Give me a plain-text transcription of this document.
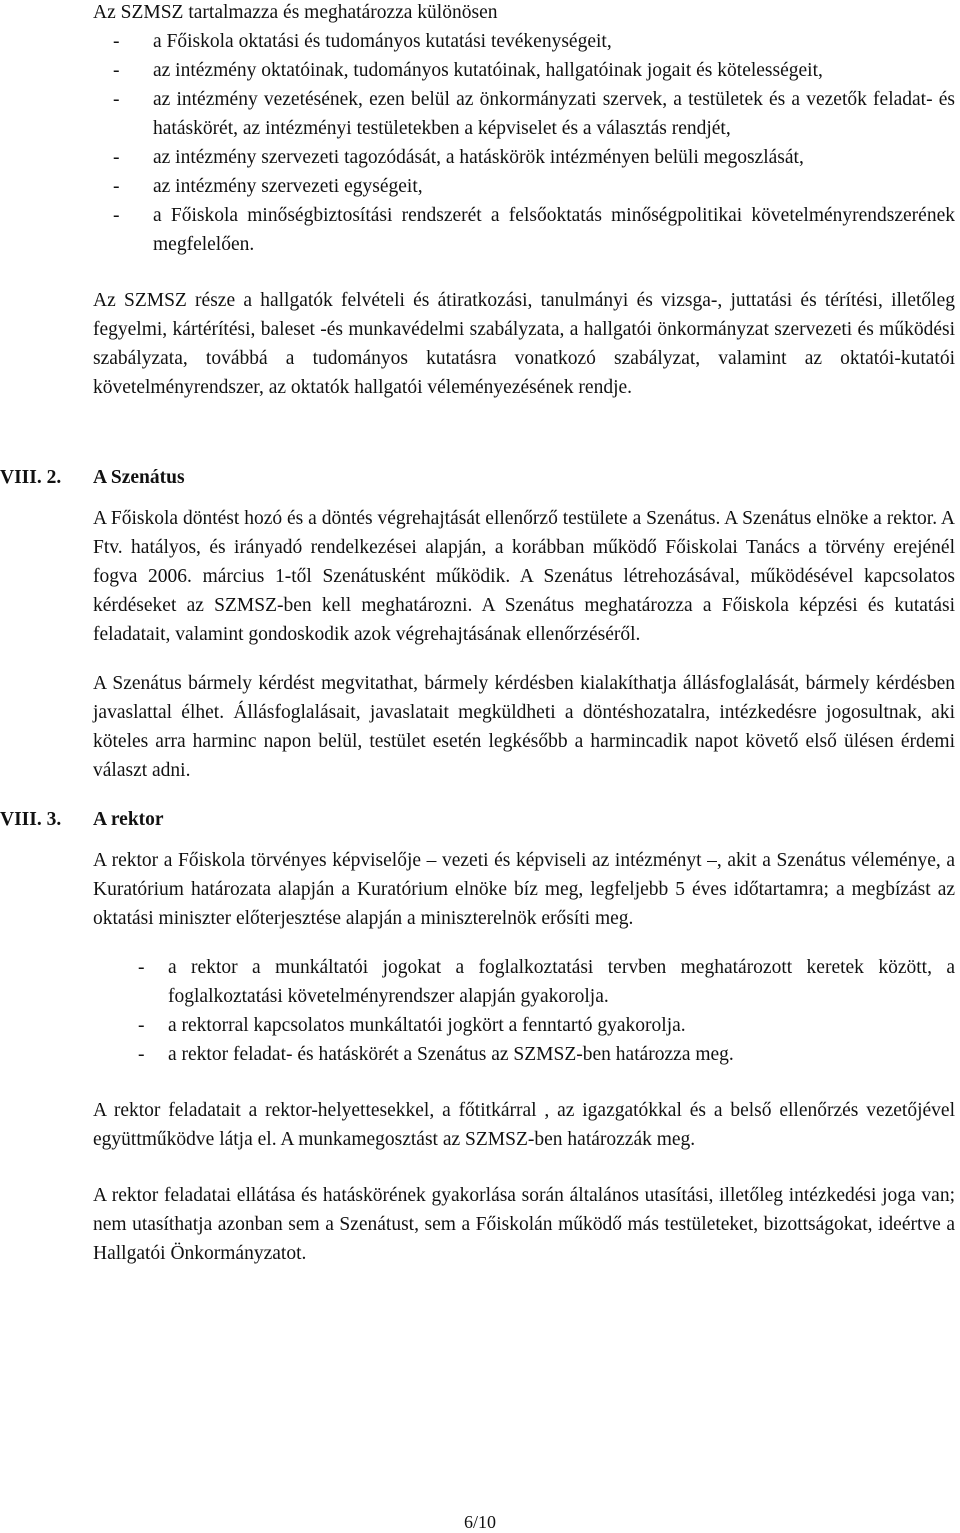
Az SZMSZ tartalmazza és meghatározza különösen

- a Főiskola oktatási és tudományos kutatási tevékenységeit,
- az intézmény oktatóinak, tudományos kutatóinak, hallgatóinak jogait és kötelességeit,
- az intézmény vezetésének, ezen belül az önkormányzati szervek, a testületek és a vezetők feladat- és hatáskörét, az intézményi testületekben a képviselet és a választás rendjét,
- az intézmény szervezeti tagozódását, a hatáskörök intézményen belüli megoszlását,
- az intézmény szervezeti egységeit,
- a Főiskola minőségbiztosítási rendszerét a felsőoktatás minőségpolitikai követelményrendszerének megfelelően.

Az SZMSZ része a hallgatók felvételi és átiratkozási, tanulmányi és vizsga-, juttatási és térítési, illetőleg fegyelmi, kártérítési, baleset -és munkavédelmi szabályzata, a hallgatói önkormányzat szervezeti és működési szabályzata, továbbá a tudományos kutatásra vonatkozó szabályzat, valamint az oktatói-kutatói követelményrendszer, az oktatók hallgatói véleményezésének rendje.

VIII. 2. A Szenátus

A Főiskola döntést hozó és a döntés végrehajtását ellenőrző testülete a Szenátus. A Szenátus elnöke a rektor. A Ftv. hatályos, és irányadó rendelkezései alapján, a korábban működő Főiskolai Tanács a törvény erejénél fogva 2006. március 1-től Szenátusként működik. A Szenátus létrehozásával, működésével kapcsolatos kérdéseket az SZMSZ-ben kell meghatározni. A Szenátus meghatározza a Főiskola képzési és kutatási feladatait, valamint gondoskodik azok végrehajtásának ellenőrzéséről.

A Szenátus bármely kérdést megvitathat, bármely kérdésben kialakíthatja állásfoglalását, bármely kérdésben javaslattal élhet. Állásfoglalásait, javaslatait megküldheti a döntéshozatalra, intézkedésre jogosultnak, aki köteles arra harminc napon belül, testület esetén legkésőbb a harmincadik napot követő első ülésen érdemi választ adni.

VIII. 3. A rektor

A rektor a Főiskola törvényes képviselője – vezeti és képviseli az intézményt –, akit a Szenátus véleménye, a Kuratórium határozata alapján a Kuratórium elnöke bíz meg, legfeljebb 5 éves időtartamra; a megbízást az oktatási miniszter előterjesztése alapján a miniszterelnök erősíti meg.

- a rektor a munkáltatói jogokat a foglalkoztatási tervben meghatározott keretek között, a foglalkoztatási követelményrendszer alapján gyakorolja.
- a rektorral kapcsolatos munkáltatói jogkört a fenntartó gyakorolja.
- a rektor feladat- és hatáskörét a Szenátus az SZMSZ-ben határozza meg.

A rektor feladatait a rektor-helyettesekkel, a főtitkárral , az igazgatókkal és a belső ellenőrzés vezetőjével együttműködve látja el. A munkamegosztást az SZMSZ-ben határozzák meg.

A rektor feladatai ellátása és hatáskörének gyakorlása során általános utasítási, illetőleg intézkedési joga van; nem utasíthatja azonban sem a Szenátust, sem a Főiskolán működő más testületeket, bizottságokat, ideértve a Hallgatói Önkormányzatot.

6/10
